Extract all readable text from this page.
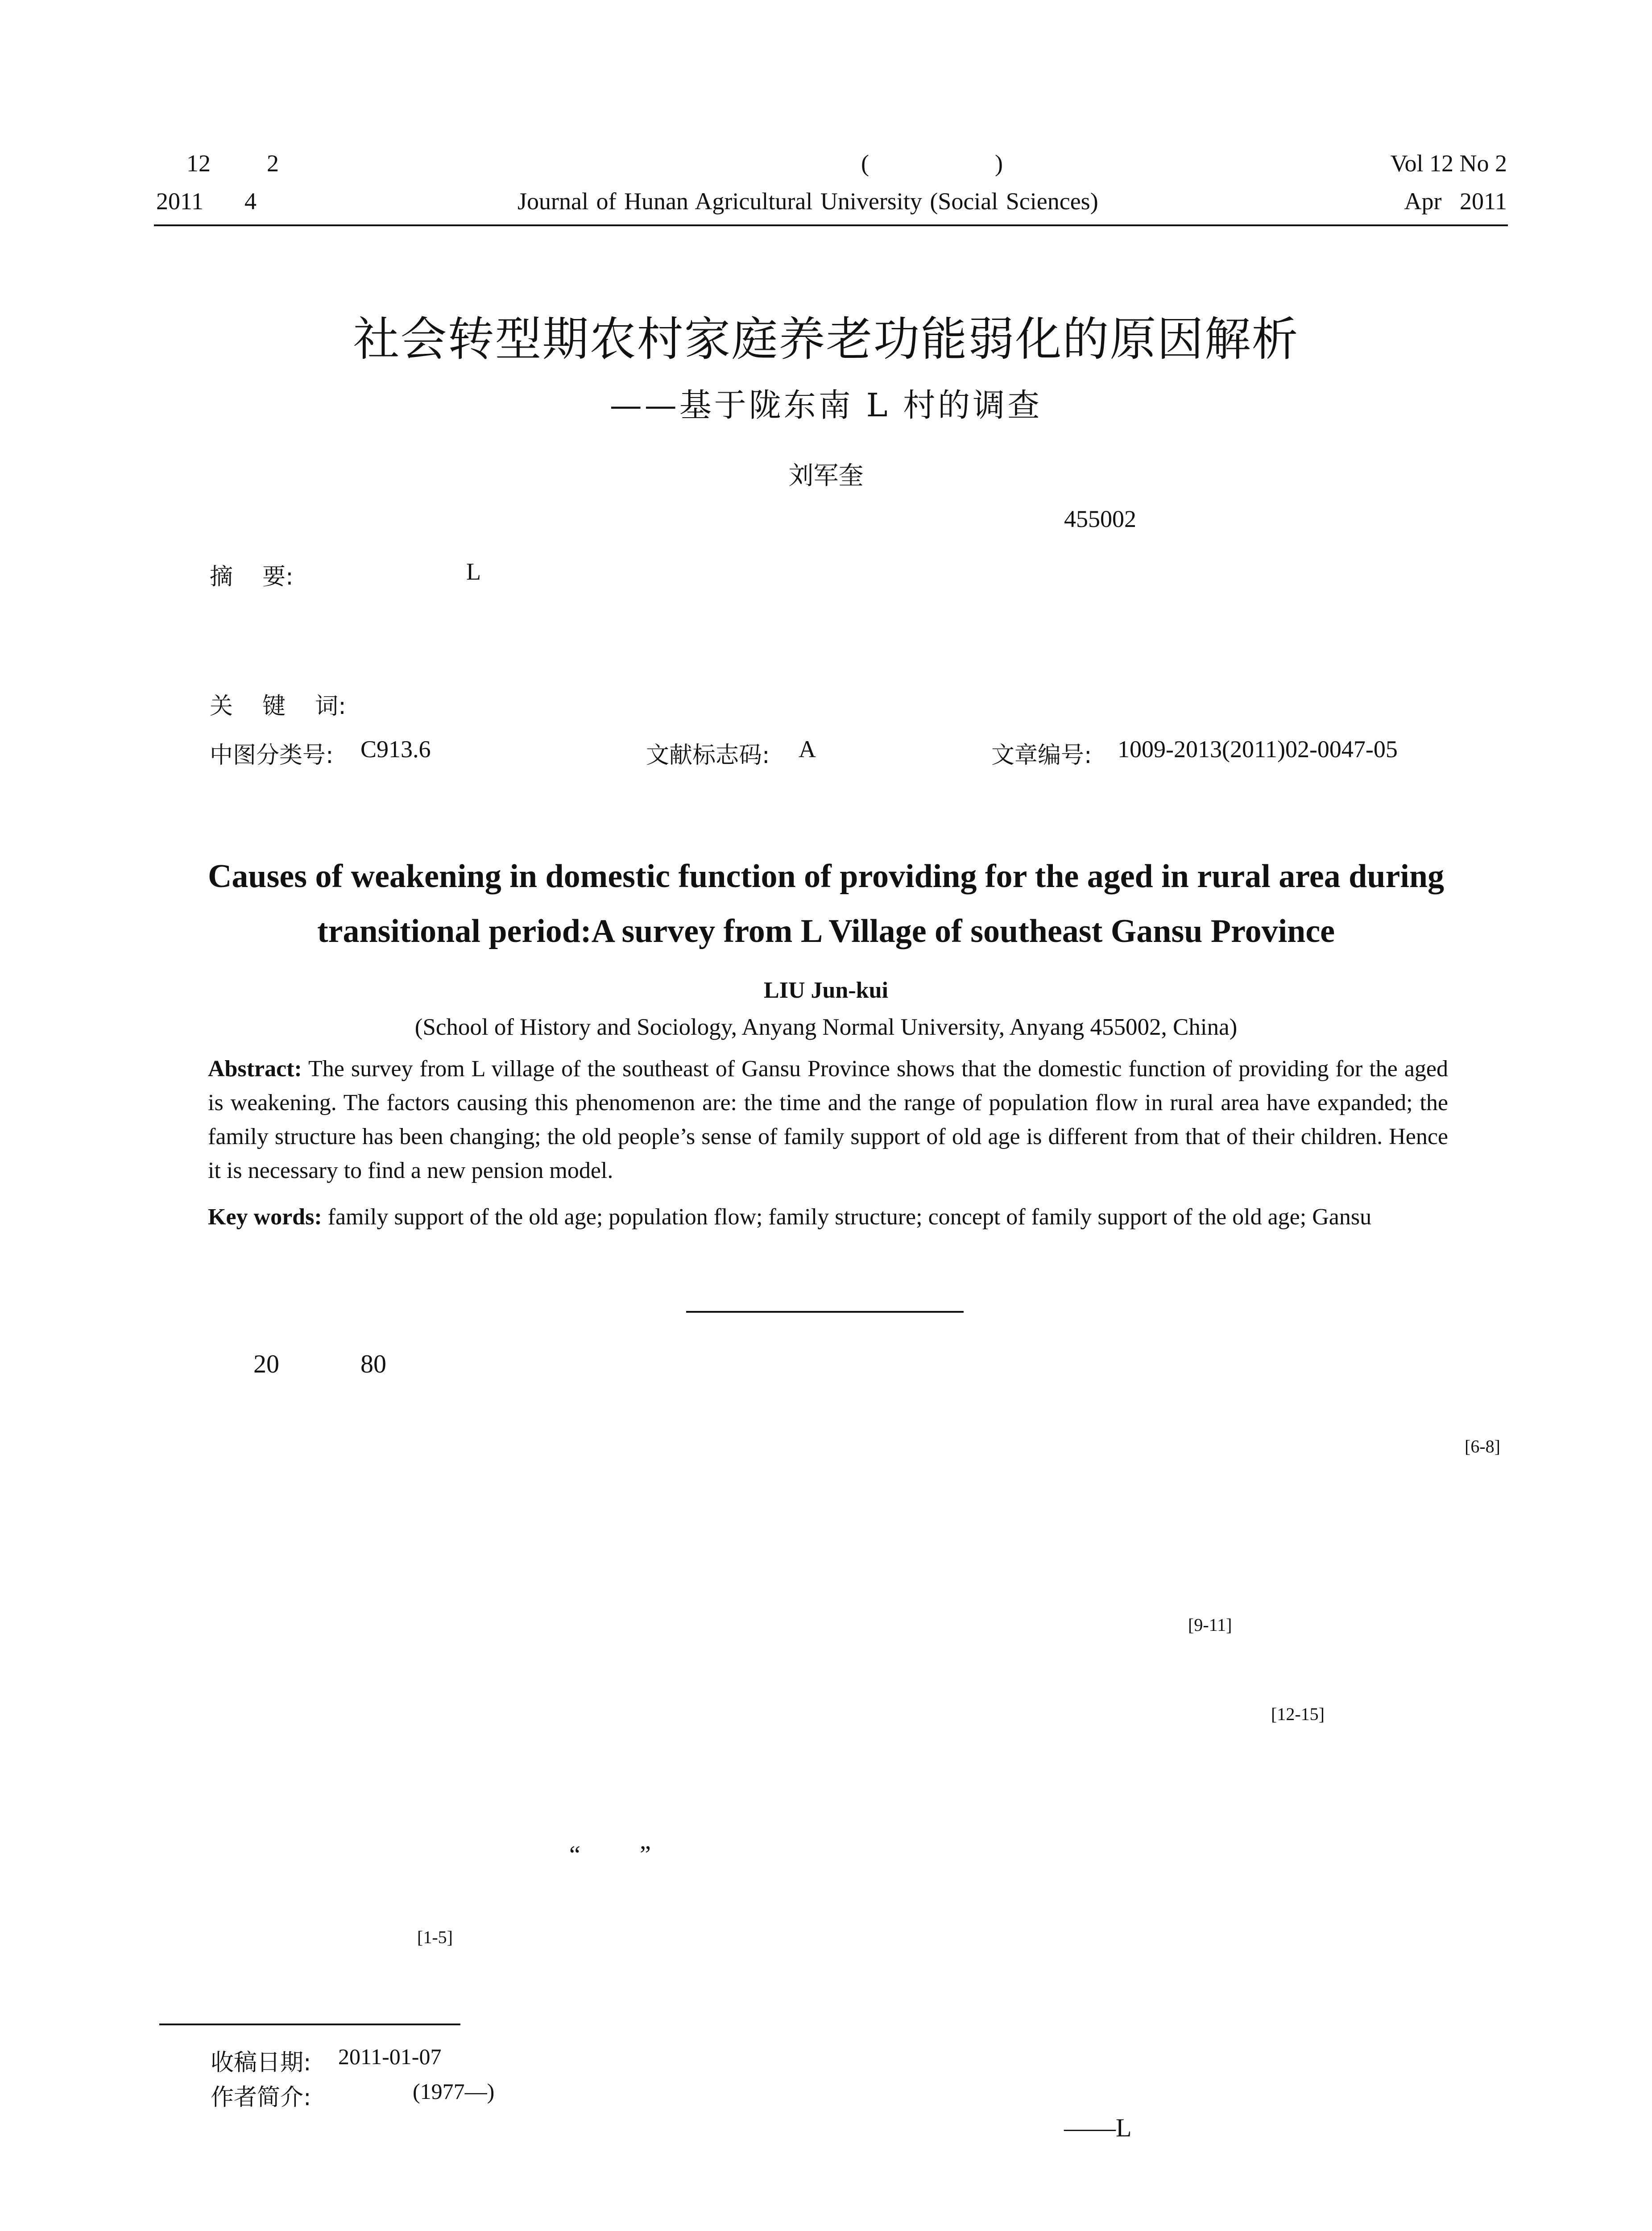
12 2	(	)	Vol 12 No 2
2011 4	Journal of Hunan Agricultural University (Social Sciences)	Apr   2011
社会转型期农村家庭养老功能弱化的原因解析
——基于陇东南 L 村的调查
刘军奎
455002
摘    要:	L
关    键    词:
中图分类号: C913.6	文献标志码: A	文章编号: 1009-2013(2011)02-0047-05
Causes of weakening in domestic function of providing for the aged in rural area during
transitional period:A survey from L Village of southeast Gansu Province
LIU Jun-kui
(School of History and Sociology, Anyang Normal University, Anyang 455002, China)
Abstract: The survey from L village of the southeast of Gansu Province shows that the domestic function of providing for the aged is weakening. The factors causing this phenomenon are: the time and the range of population flow in rural area have expanded; the family structure has been changing; the old people’s sense of family support of old age is different from that of their children. Hence it is necessary to find a new pension model.
Key words: family support of the old age; population flow; family structure; concept of family support of the old age; Gansu
20	80
[6-8]
[9-11]
[12-15]
“ ”
[1-5]
收稿日期: 2011-01-07
作者简介:	(1977—)
——L
